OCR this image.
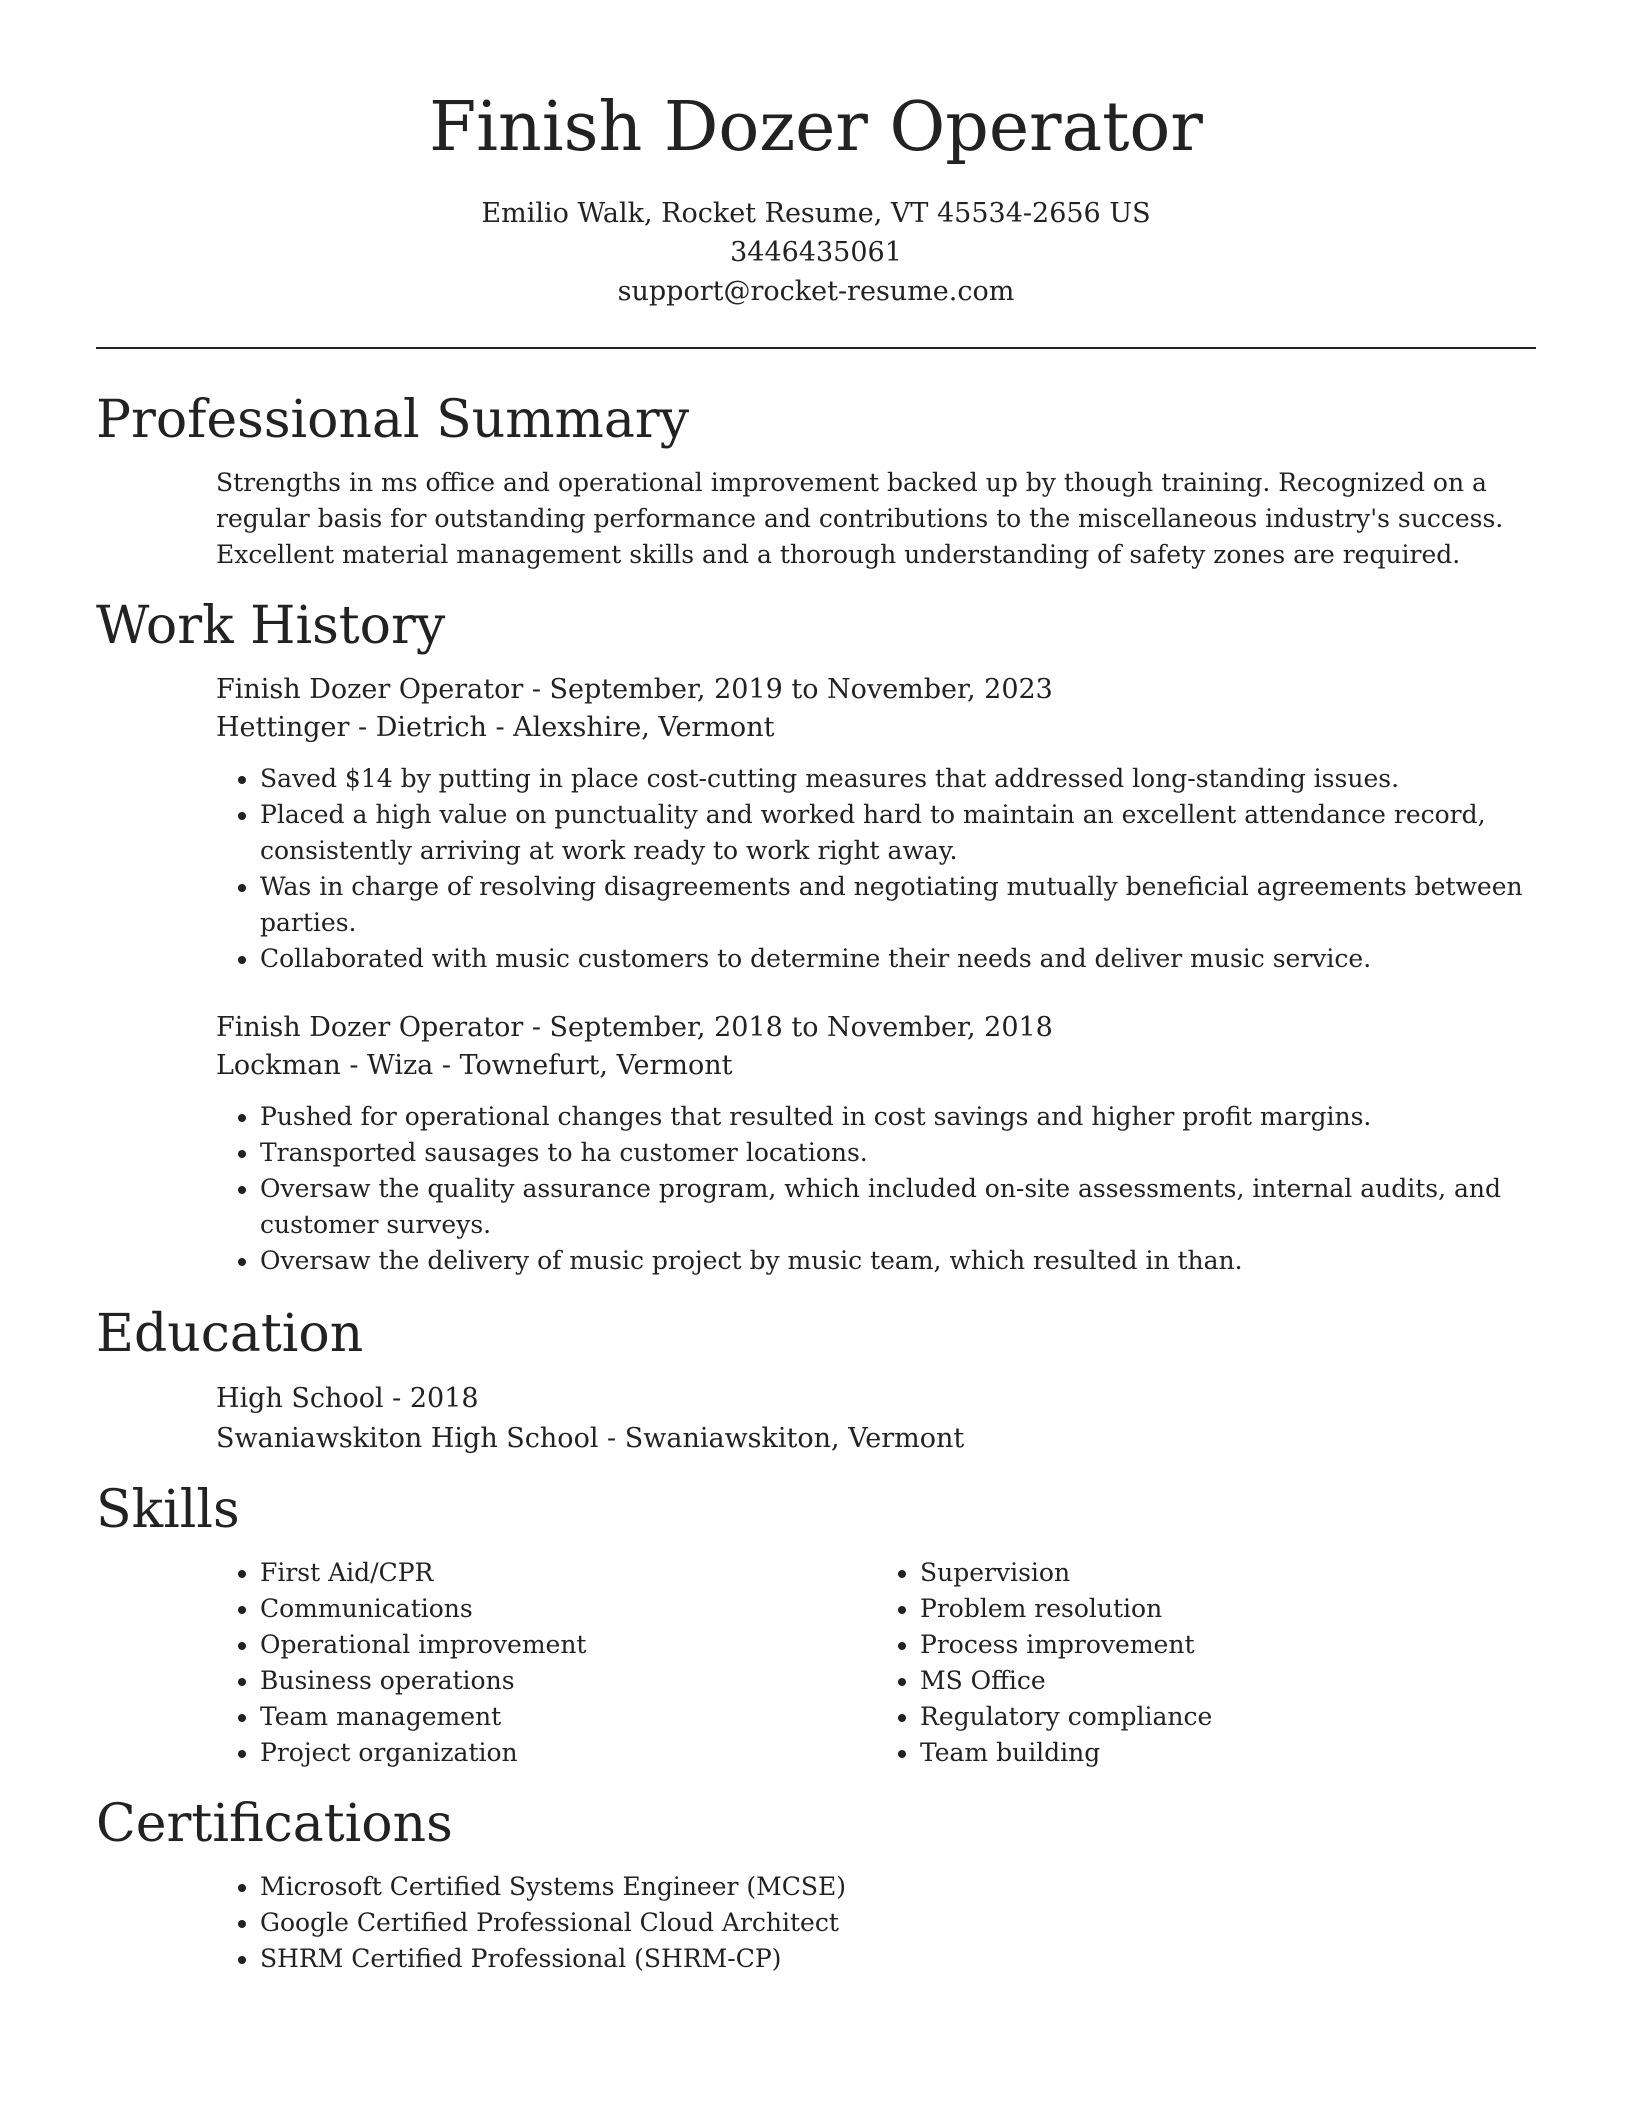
Finish Dozer Operator
Emilio Walk, Rocket Resume, VT 45534-2656 US
3446435061
support@rocket-resume.com
Professional Summary
Strengths in ms office and operational improvement backed up by though training. Recognized on a regular basis for outstanding performance and contributions to the miscellaneous industry's success. Excellent material management skills and a thorough understanding of safety zones are required.
Work History
Finish Dozer Operator - September, 2019 to November, 2023
Hettinger - Dietrich - Alexshire, Vermont
• Saved $14 by putting in place cost-cutting measures that addressed long-standing issues.
• Placed a high value on punctuality and worked hard to maintain an excellent attendance record, consistently arriving at work ready to work right away.
• Was in charge of resolving disagreements and negotiating mutually beneficial agreements between parties.
• Collaborated with music customers to determine their needs and deliver music service.
Finish Dozer Operator - September, 2018 to November, 2018
Lockman - Wiza - Townefurt, Vermont
• Pushed for operational changes that resulted in cost savings and higher profit margins.
• Transported sausages to ha customer locations.
• Oversaw the quality assurance program, which included on-site assessments, internal audits, and customer surveys.
• Oversaw the delivery of music project by music team, which resulted in than.
Education
High School - 2018
Swaniawskiton High School - Swaniawskiton, Vermont
Skills
• First Aid/CPR
• Communications
• Operational improvement
• Business operations
• Team management
• Project organization
• Supervision
• Problem resolution
• Process improvement
• MS Office
• Regulatory compliance
• Team building
Certifications
• Microsoft Certified Systems Engineer (MCSE)
• Google Certified Professional Cloud Architect
• SHRM Certified Professional (SHRM-CP)
